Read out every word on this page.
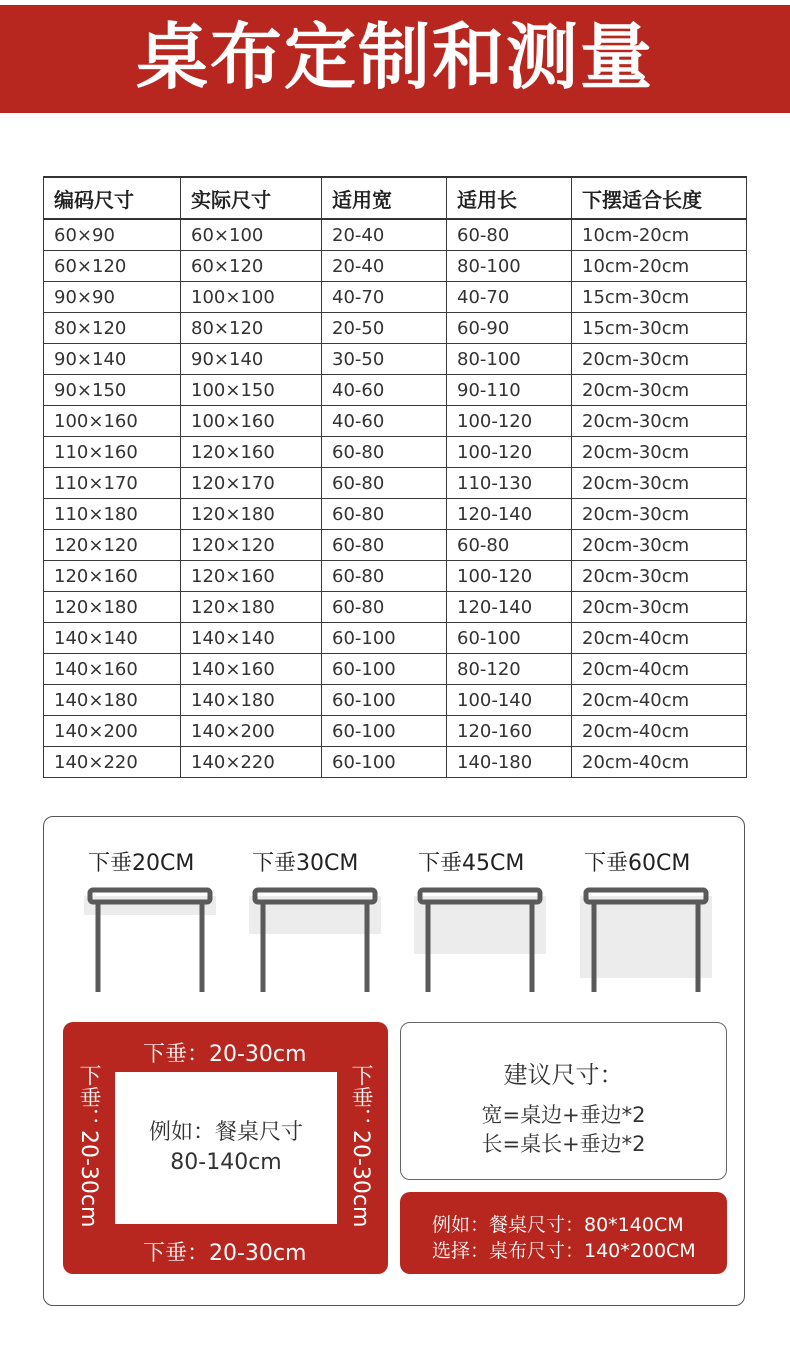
桌布定制和测量
编码尺寸	实际尺寸	适用宽	适用长	下摆适合长度
60×90	60×100	20-40	60-80	10cm-20cm
60×120	60×120	20-40	80-100	10cm-20cm
90×90	100×100	40-70	40-70	15cm-30cm
80×120	80×120	20-50	60-90	15cm-30cm
90×140	90×140	30-50	80-100	20cm-30cm
90×150	100×150	40-60	90-110	20cm-30cm
100×160	100×160	40-60	100-120	20cm-30cm
110×160	120×160	60-80	100-120	20cm-30cm
110×170	120×170	60-80	110-130	20cm-30cm
110×180	120×180	60-80	120-140	20cm-30cm
120×120	120×120	60-80	60-80	20cm-30cm
120×160	120×160	60-80	100-120	20cm-30cm
120×180	120×180	60-80	120-140	20cm-30cm
140×140	140×140	60-100	60-100	20cm-40cm
140×160	140×160	60-100	80-120	20cm-40cm
140×180	140×180	60-100	100-140	20cm-40cm
140×200	140×200	60-100	120-160	20cm-40cm
140×220	140×220	60-100	140-180	20cm-40cm
下垂20CM	下垂30CM	下垂45CM	下垂60CM
下垂：20-30cm
下垂：20-30cm
下垂：20-30cm	下垂：20-30cm
例如：餐桌尺寸
80-140cm
建议尺寸：
宽=桌边+垂边*2
长=桌长+垂边*2
例如：餐桌尺寸：80*140CM
选择：桌布尺寸：140*200CM
